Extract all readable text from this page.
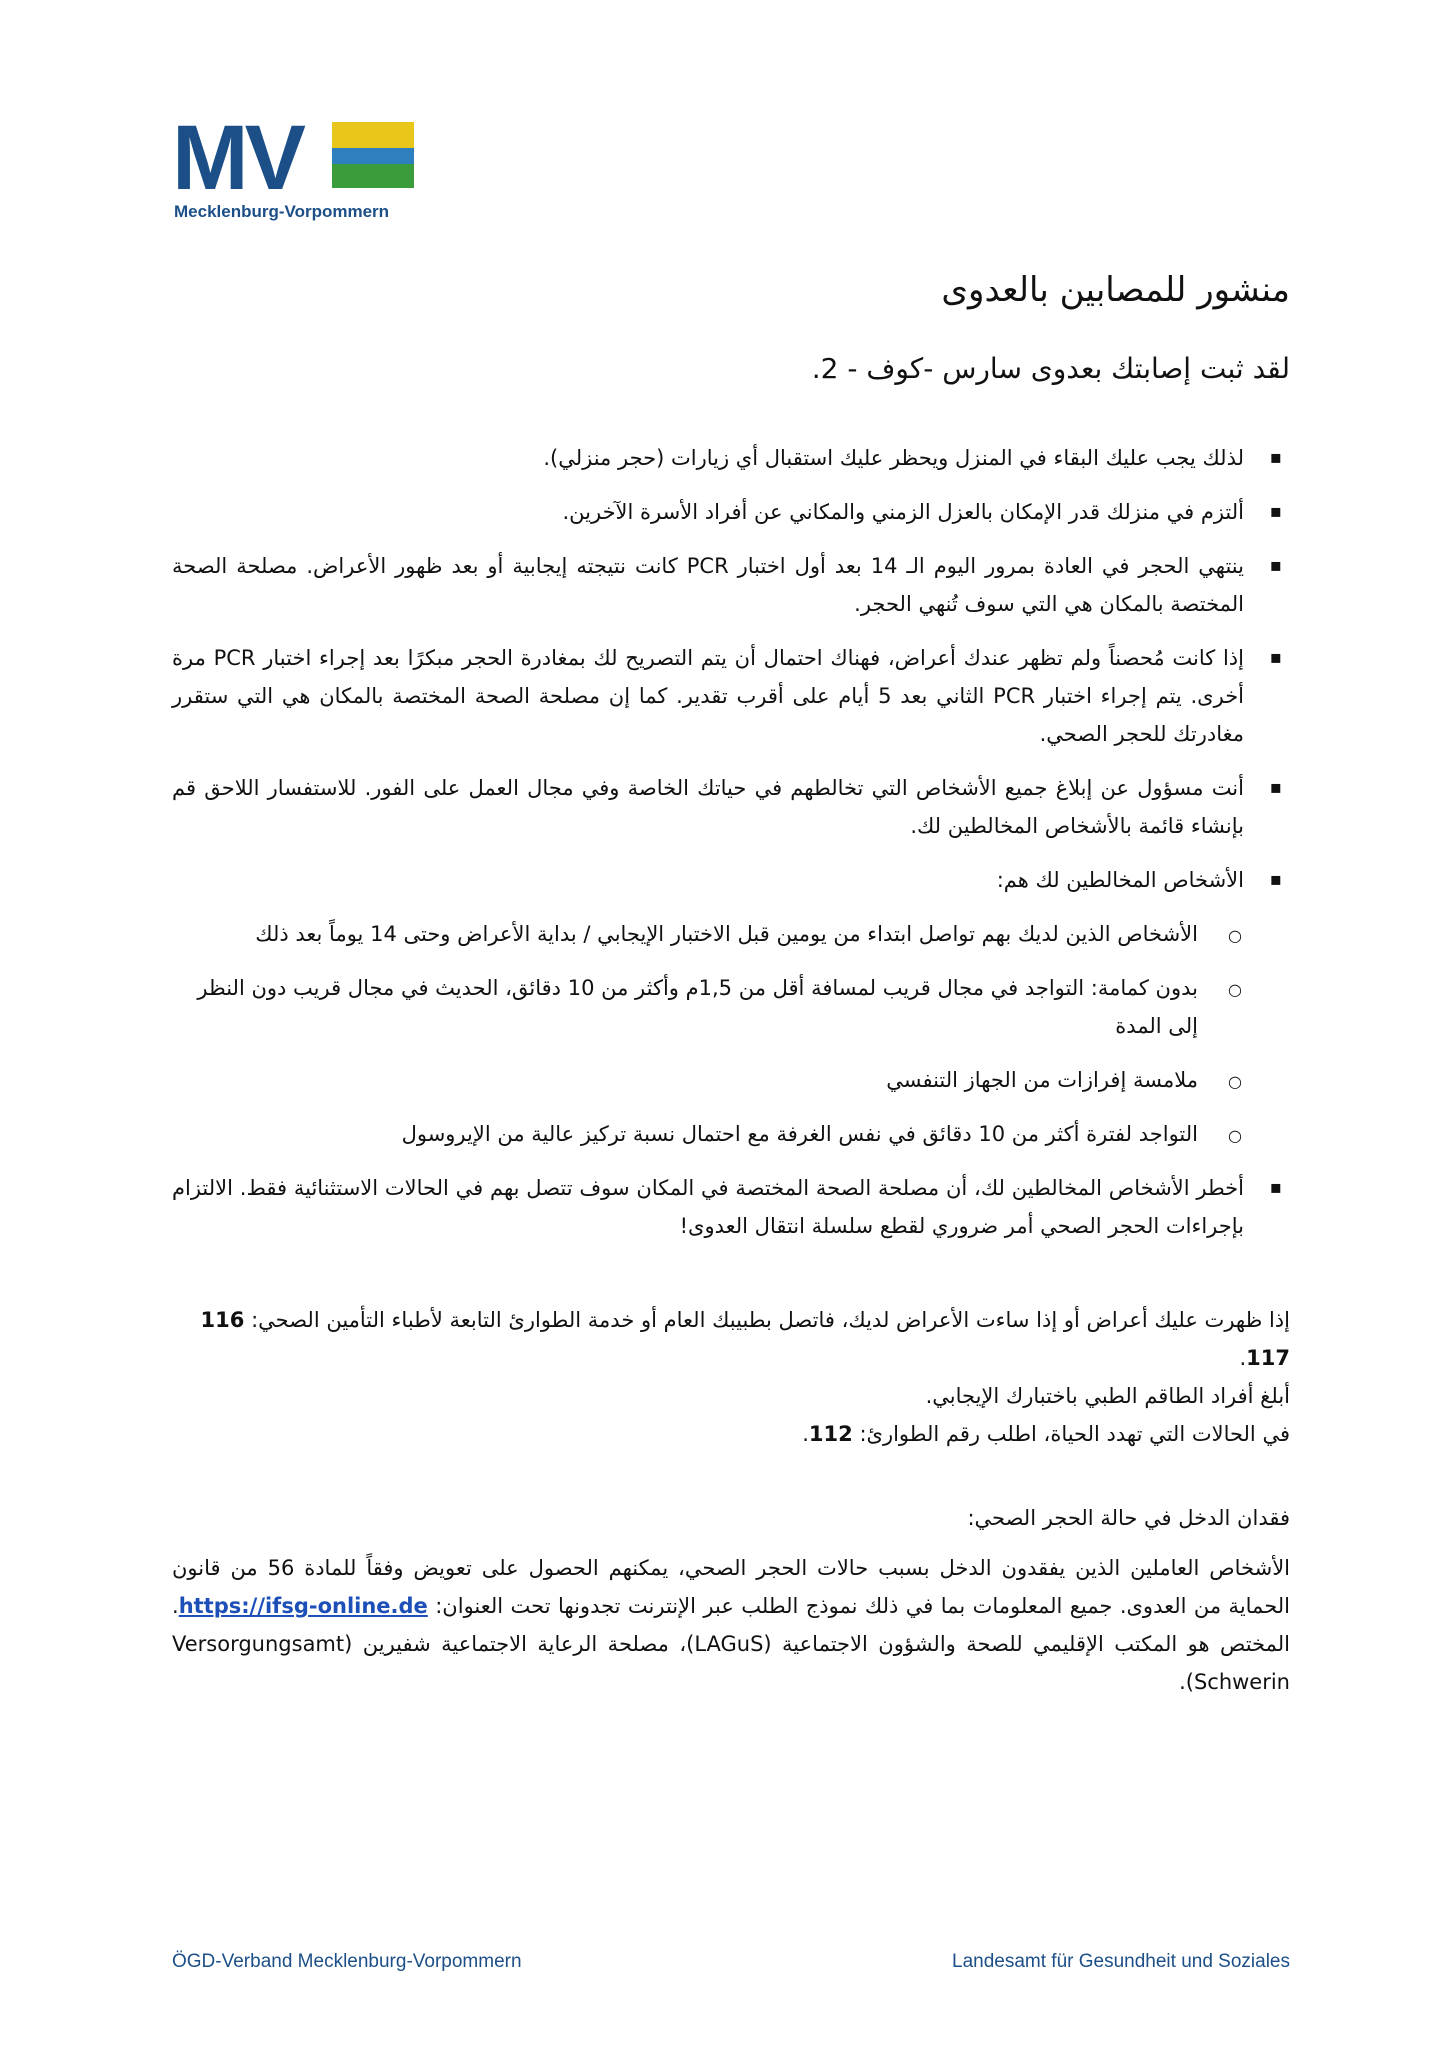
MV
Mecklenburg-Vorpommern
منشور للمصابين بالعدوى
لقد ثبت إصابتك بعدوى سارس -كوف - 2.
▪ لذلك يجب عليك البقاء في المنزل ويحظر عليك استقبال أي زيارات (حجر منزلي).
▪ ألتزم في منزلك قدر الإمكان بالعزل الزمني والمكاني عن أفراد الأسرة الآخرين.
▪ ينتهي الحجر في العادة بمرور اليوم الـ 14 بعد أول اختبار PCR كانت نتيجته إيجابية أو بعد ظهور الأعراض. مصلحة الصحة المختصة بالمكان هي التي سوف تُنهي الحجر.
▪ إذا كانت مُحصناً ولم تظهر عندك أعراض، فهناك احتمال أن يتم التصريح لك بمغادرة الحجر مبكرًا بعد إجراء اختبار PCR مرة أخرى. يتم إجراء اختبار PCR الثاني بعد 5 أيام على أقرب تقدير. كما إن مصلحة الصحة المختصة بالمكان هي التي ستقرر مغادرتك للحجر الصحي.
▪ أنت مسؤول عن إبلاغ جميع الأشخاص التي تخالطهم في حياتك الخاصة وفي مجال العمل على الفور. للاستفسار اللاحق قم بإنشاء قائمة بالأشخاص المخالطين لك.
▪ الأشخاص المخالطين لك هم:
○ الأشخاص الذين لديك بهم تواصل ابتداء من يومين قبل الاختبار الإيجابي / بداية الأعراض وحتى 14 يوماً بعد ذلك
○ بدون كمامة: التواجد في مجال قريب لمسافة أقل من 1,5م وأكثر من 10 دقائق، الحديث في مجال قريب دون النظر إلى المدة
○ ملامسة إفرازات من الجهاز التنفسي
○ التواجد لفترة أكثر من 10 دقائق في نفس الغرفة مع احتمال نسبة تركيز عالية من الإيروسول
▪ أخطر الأشخاص المخالطين لك، أن مصلحة الصحة المختصة في المكان سوف تتصل بهم في الحالات الاستثنائية فقط. الالتزام بإجراءات الحجر الصحي أمر ضروري لقطع سلسلة انتقال العدوى!

إذا ظهرت عليك أعراض أو إذا ساءت الأعراض لديك، فاتصل بطبيبك العام أو خدمة الطوارئ التابعة لأطباء التأمين الصحي: 116 117.

أبلغ أفراد الطاقم الطبي باختبارك الإيجابي.

في الحالات التي تهدد الحياة، اطلب رقم الطوارئ: 112.

فقدان الدخل في حالة الحجر الصحي:

الأشخاص العاملين الذين يفقدون الدخل بسبب حالات الحجر الصحي، يمكنهم الحصول على تعويض وفقاً للمادة 56 من قانون الحماية من العدوى. جميع المعلومات بما في ذلك نموذج الطلب عبر الإنترنت تجدونها تحت العنوان: https://ifsg-online.de. المختص هو المكتب الإقليمي للصحة والشؤون الاجتماعية (LAGuS)، مصلحة الرعاية الاجتماعية شفيرين (Versorgungsamt Schwerin).

ÖGD-Verband Mecklenburg-Vorpommern	Landesamt für Gesundheit und Soziales
